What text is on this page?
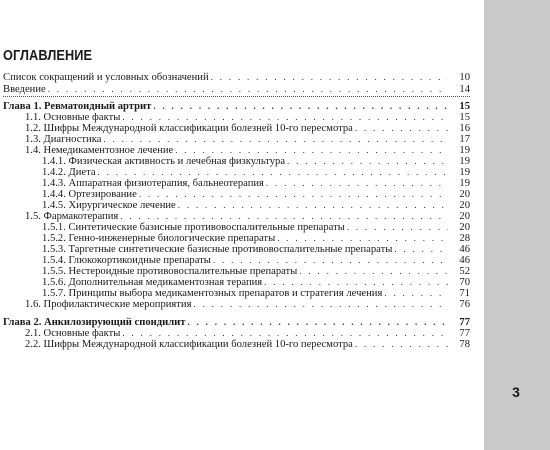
ОГЛАВЛЕНИЕ
Список сокращений и условных обозначений . . .	10
Введение . . .	14
Глава 1. Ревматоидный артрит . . .	15
1.1. Основные факты . . .	15
1.2. Шифры Международной классификации болезней 10-го пересмотра . . .	16
1.3. Диагностика . . .	17
1.4. Немедикаментозное лечение . . .	19
1.4.1. Физическая активность и лечебная физкультура . . .	19
1.4.2. Диета . . .	19
1.4.3. Аппаратная физиотерапия, бальнеотерапия . . .	19
1.4.4. Ортезирование . . .	20
1.4.5. Хирургическое лечение . . .	20
1.5. Фармакотерапия . . .	20
1.5.1. Синтетические базисные противовоспалительные препараты . . .	20
1.5.2. Генно-инженерные биологические препараты . . .	28
1.5.3. Таргетные синтетические базисные противовоспалительные препараты . . .	46
1.5.4. Глюкокортикоидные препараты . . .	46
1.5.5. Нестероидные противовоспалительные препараты . . .	52
1.5.6. Дополнительная медикаментозная терапия . . .	70
1.5.7. Принципы выбора медикаментозных препаратов и стратегия лечения . . .	71
1.6. Профилактические мероприятия . . .	76
Глава 2. Анкилозирующий спондилит . . .	77
2.1. Основные факты . . .	77
2.2. Шифры Международной классификации болезней 10-го пересмотра . . .	78
3
